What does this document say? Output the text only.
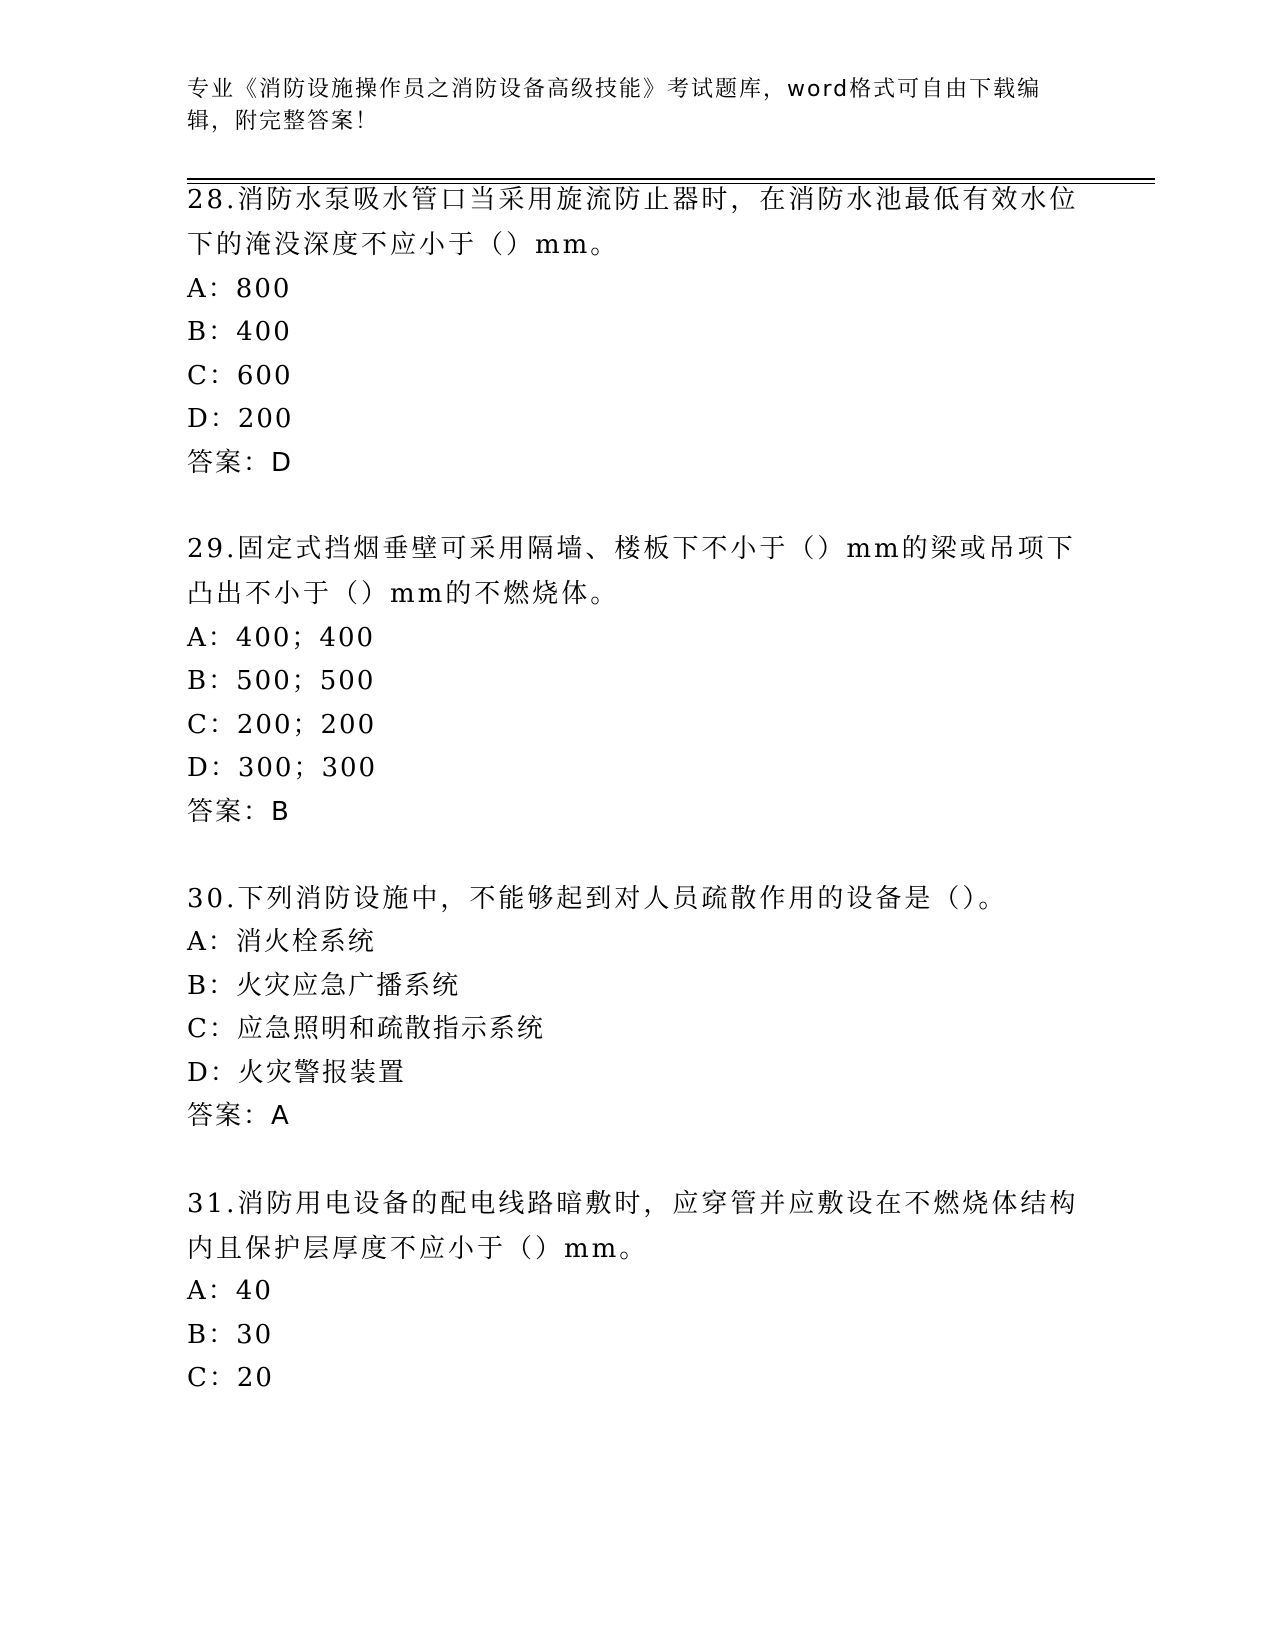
专业《消防设施操作员之消防设备高级技能》考试题库，word格式可自由下载编辑，附完整答案！
28.消防水泵吸水管口当采用旋流防止器时，在消防水池最低有效水位下的淹没深度不应小于（）mm。
A：800
B：400
C：600
D：200
答案：D
29.固定式挡烟垂壁可采用隔墙、楼板下不小于（）mm的梁或吊项下凸出不小于（）mm的不燃烧体。
A：400；400
B：500；500
C：200；200
D：300；300
答案：B
30.下列消防设施中，不能够起到对人员疏散作用的设备是（）。
A：消火栓系统
B：火灾应急广播系统
C：应急照明和疏散指示系统
D：火灾警报装置
答案：A
31.消防用电设备的配电线路暗敷时，应穿管并应敷设在不燃烧体结构内且保护层厚度不应小于（）mm。
A：40
B：30
C：20
